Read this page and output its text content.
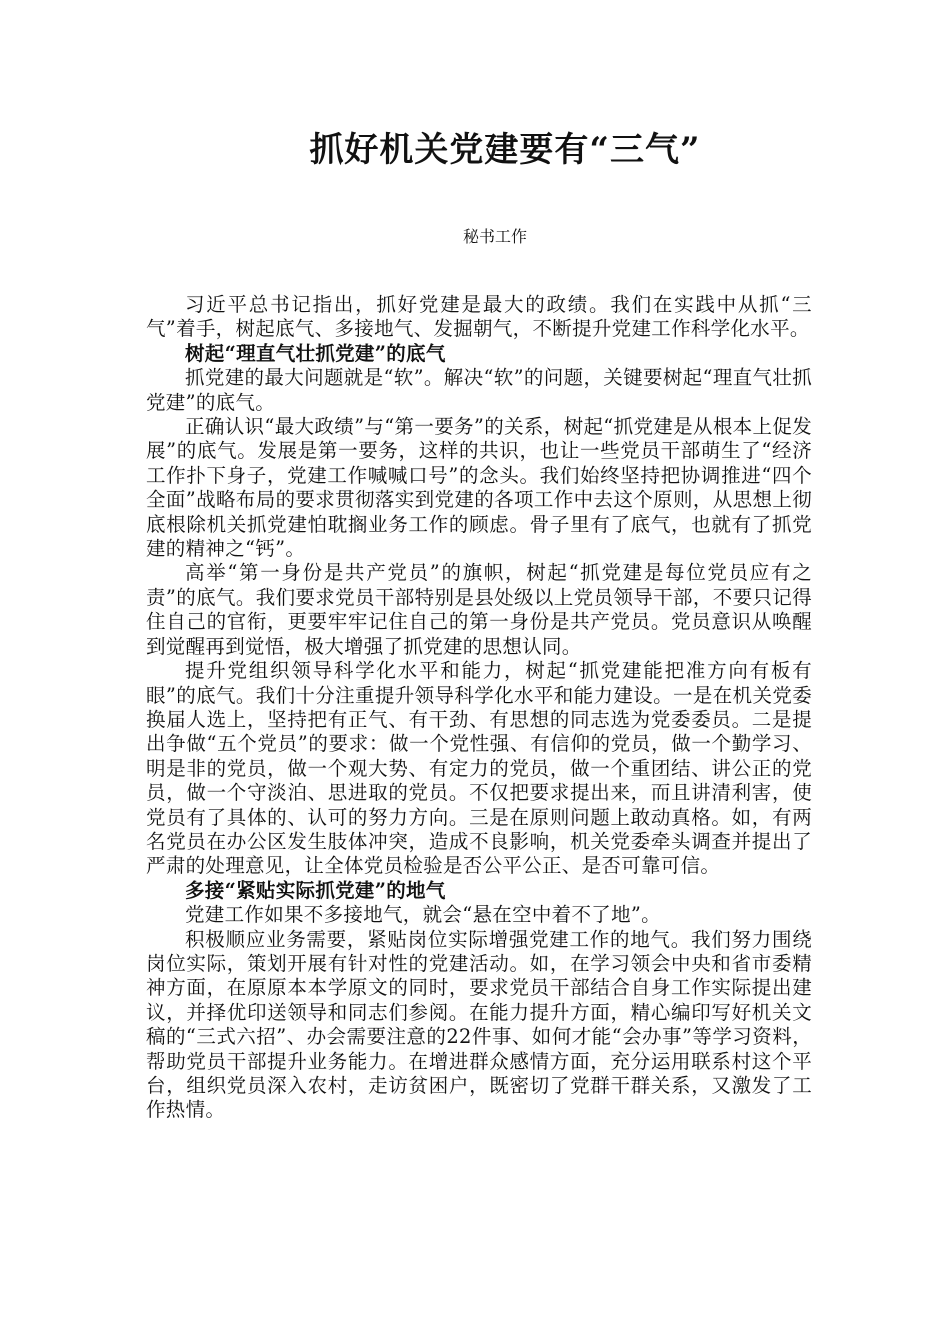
抓好机关党建要有“三气”
秘书工作

习近平总书记指出，抓好党建是最大的政绩。我们在实践中从抓“三气”着手，树起底气、多接地气、发掘朝气，不断提升党建工作科学化水平。

树起“理直气壮抓党建”的底气

抓党建的最大问题就是“软”。解决“软”的问题，关键要树起“理直气壮抓党建”的底气。

正确认识“最大政绩”与“第一要务”的关系，树起“抓党建是从根本上促发展”的底气。发展是第一要务，这样的共识，也让一些党员干部萌生了“经济工作扑下身子，党建工作喊喊口号”的念头。我们始终坚持把协调推进“四个全面”战略布局的要求贯彻落实到党建的各项工作中去这个原则，从思想上彻底根除机关抓党建怕耽搁业务工作的顾虑。骨子里有了底气，也就有了抓党建的精神之“钙”。

高举“第一身份是共产党员”的旗帜，树起“抓党建是每位党员应有之责”的底气。我们要求党员干部特别是县处级以上党员领导干部，不要只记得住自己的官衔，更要牢牢记住自己的第一身份是共产党员。党员意识从唤醒到觉醒再到觉悟，极大增强了抓党建的思想认同。

提升党组织领导科学化水平和能力，树起“抓党建能把准方向有板有眼”的底气。我们十分注重提升领导科学化水平和能力建设。一是在机关党委换届人选上，坚持把有正气、有干劲、有思想的同志选为党委委员。二是提出争做“五个党员”的要求：做一个党性强、有信仰的党员，做一个勤学习、明是非的党员，做一个观大势、有定力的党员，做一个重团结、讲公正的党员，做一个守淡泊、思进取的党员。不仅把要求提出来，而且讲清利害，使党员有了具体的、认可的努力方向。三是在原则问题上敢动真格。如，有两名党员在办公区发生肢体冲突，造成不良影响，机关党委牵头调查并提出了严肃的处理意见，让全体党员检验是否公平公正、是否可靠可信。

多接“紧贴实际抓党建”的地气

党建工作如果不多接地气，就会“悬在空中着不了地”。

积极顺应业务需要，紧贴岗位实际增强党建工作的地气。我们努力围绕岗位实际，策划开展有针对性的党建活动。如，在学习领会中央和省市委精神方面，在原原本本学原文的同时，要求党员干部结合自身工作实际提出建议，并择优印送领导和同志们参阅。在能力提升方面，精心编印写好机关文稿的“三式六招”、办会需要注意的22件事、如何才能“会办事”等学习资料，帮助党员干部提升业务能力。在增进群众感情方面，充分运用联系村这个平台，组织党员深入农村，走访贫困户，既密切了党群干群关系，又激发了工作热情。
